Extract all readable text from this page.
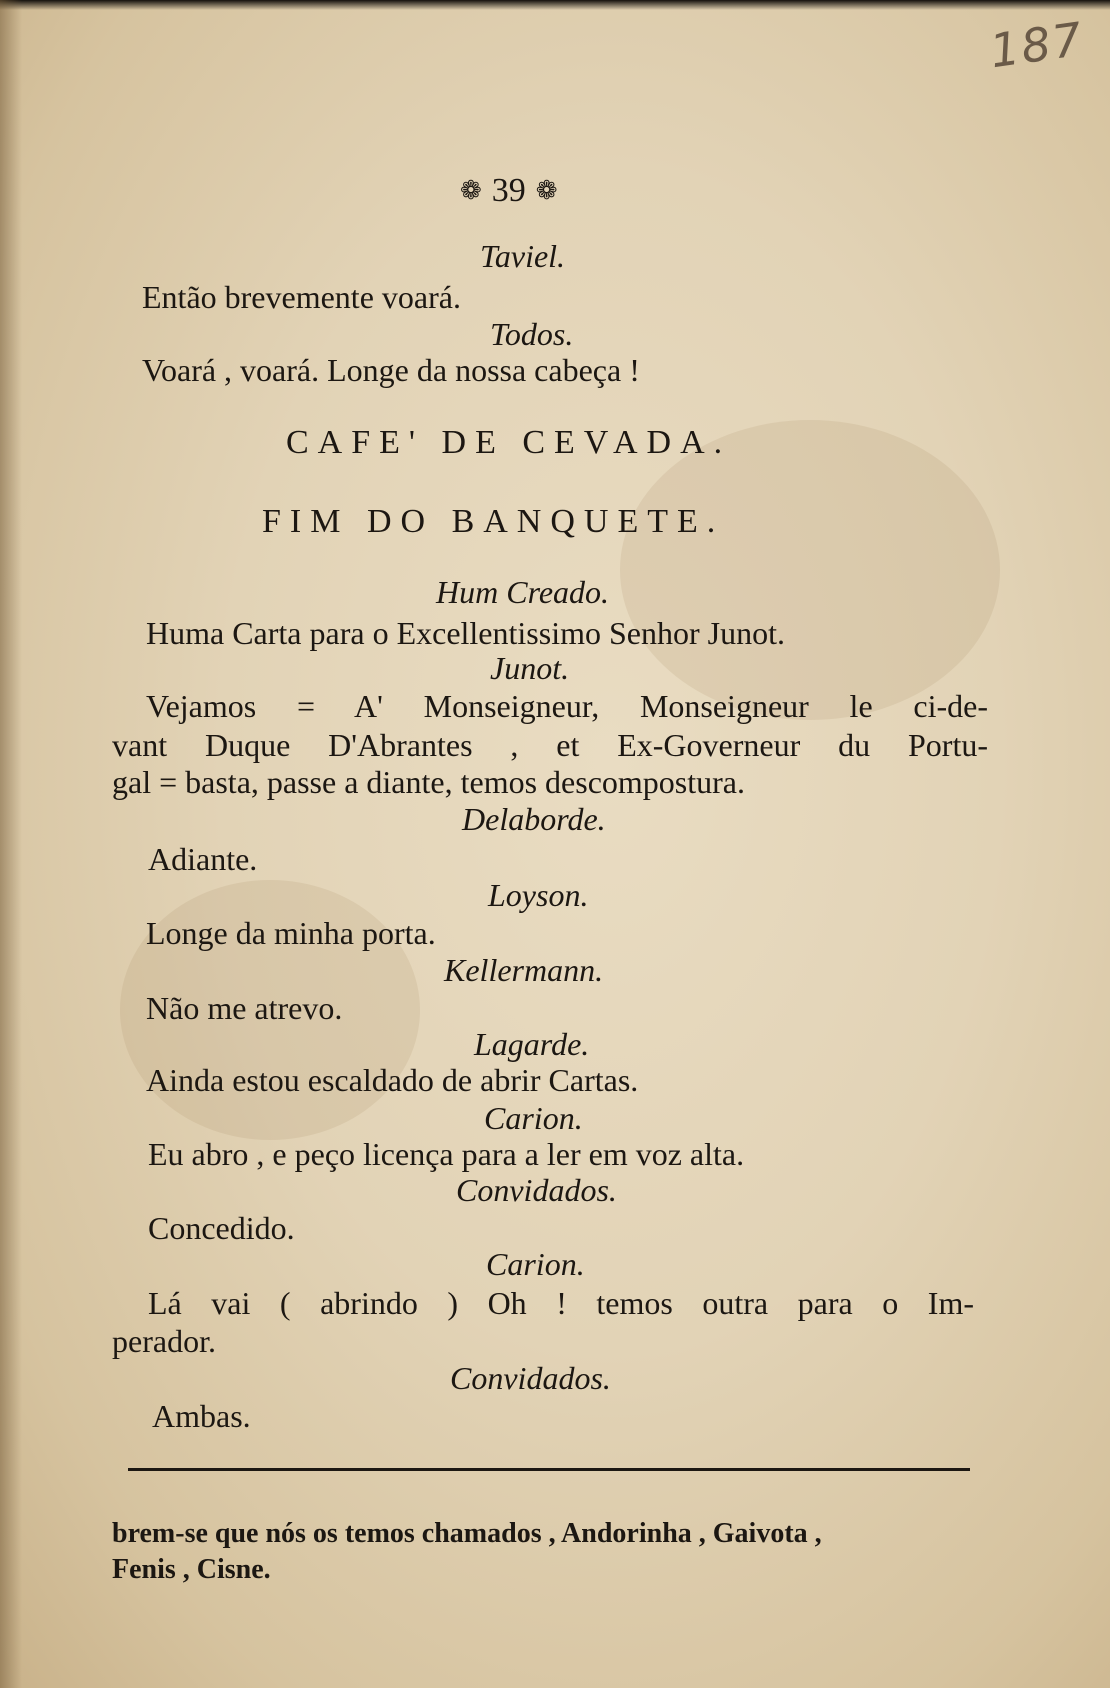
187
❁ 39 ❁
Taviel.
Então brevemente voará.
Todos.
Voará , voará. Longe da nossa cabeça !
CAFE' DE CEVADA.
FIM DO BANQUETE.
Hum Creado.
Huma Carta para o Excellentissimo Senhor Junot.
Junot.
Vejamos = A' Monseigneur, Monseigneur le ci-de-
vant Duque D'Abrantes , et Ex-Governeur du Portu-
gal = basta, passe a diante, temos descompostura.
Delaborde.
Adiante.
Loyson.
Longe da minha porta.
Kellermann.
Não me atrevo.
Lagarde.
Ainda estou escaldado de abrir Cartas.
Carion.
Eu abro , e peço licença para a ler em voz alta.
Convidados.
Concedido.
Carion.
Lá vai ( abrindo ) Oh ! temos outra para o Im-
perador.
Convidados.
Ambas.
brem-se que nós os temos chamados , Andorinha , Gaivota ,
Fenis , Cisne.
